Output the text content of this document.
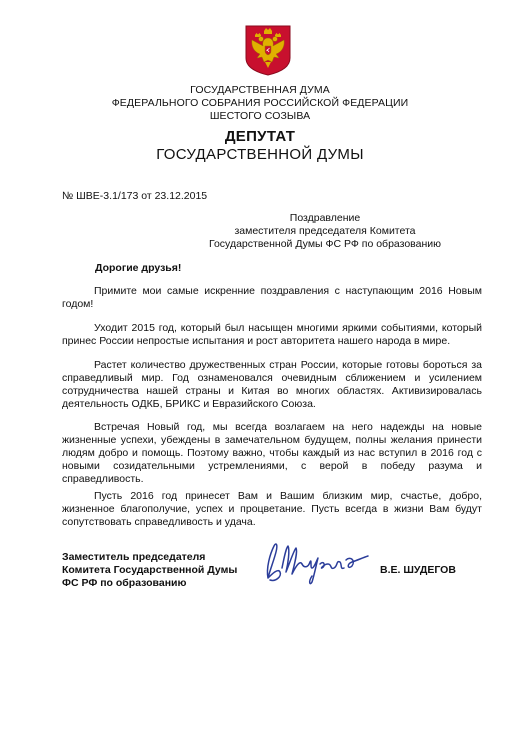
ГОСУДАРСТВЕННАЯ ДУМА
ФЕДЕРАЛЬНОГО СОБРАНИЯ РОССИЙСКОЙ ФЕДЕРАЦИИ
ШЕСТОГО СОЗЫВА
ДЕПУТАТ
ГОСУДАРСТВЕННОЙ ДУМЫ
№ ШВЕ-3.1/173 от 23.12.2015
Поздравление
заместителя председателя Комитета
Государственной Думы ФС РФ по образованию
Дорогие друзья!

Примите мои самые искренние поздравления с наступающим 2016 Новым годом!

Уходит 2015 год, который был насыщен многими яркими событиями, который принес России непростые испытания и рост авторитета нашего народа в мире.

Растет количество дружественных стран России, которые готовы бороться за справедливый мир. Год ознаменовался очевидным сближением и усилением сотрудничества нашей страны и Китая во многих областях. Активизировалась деятельность ОДКБ, БРИКС и Евразийского Союза.

Встречая Новый год, мы всегда возлагаем на него надежды на новые жизненные успехи, убеждены в замечательном будущем, полны желания принести людям добро и помощь. Поэтому важно, чтобы каждый из нас вступил в 2016 год с новыми созидательными устремлениями, с верой в победу разума и справедливость.

Пусть 2016 год принесет Вам и Вашим близким мир, счастье, добро, жизненное благополучие, успех и процветание. Пусть всегда в жизни Вам будут сопутствовать справедливость и удача.

Заместитель председателя
Комитета Государственной Думы
ФС РФ по образованию
В.Е. ШУДЕГОВ
